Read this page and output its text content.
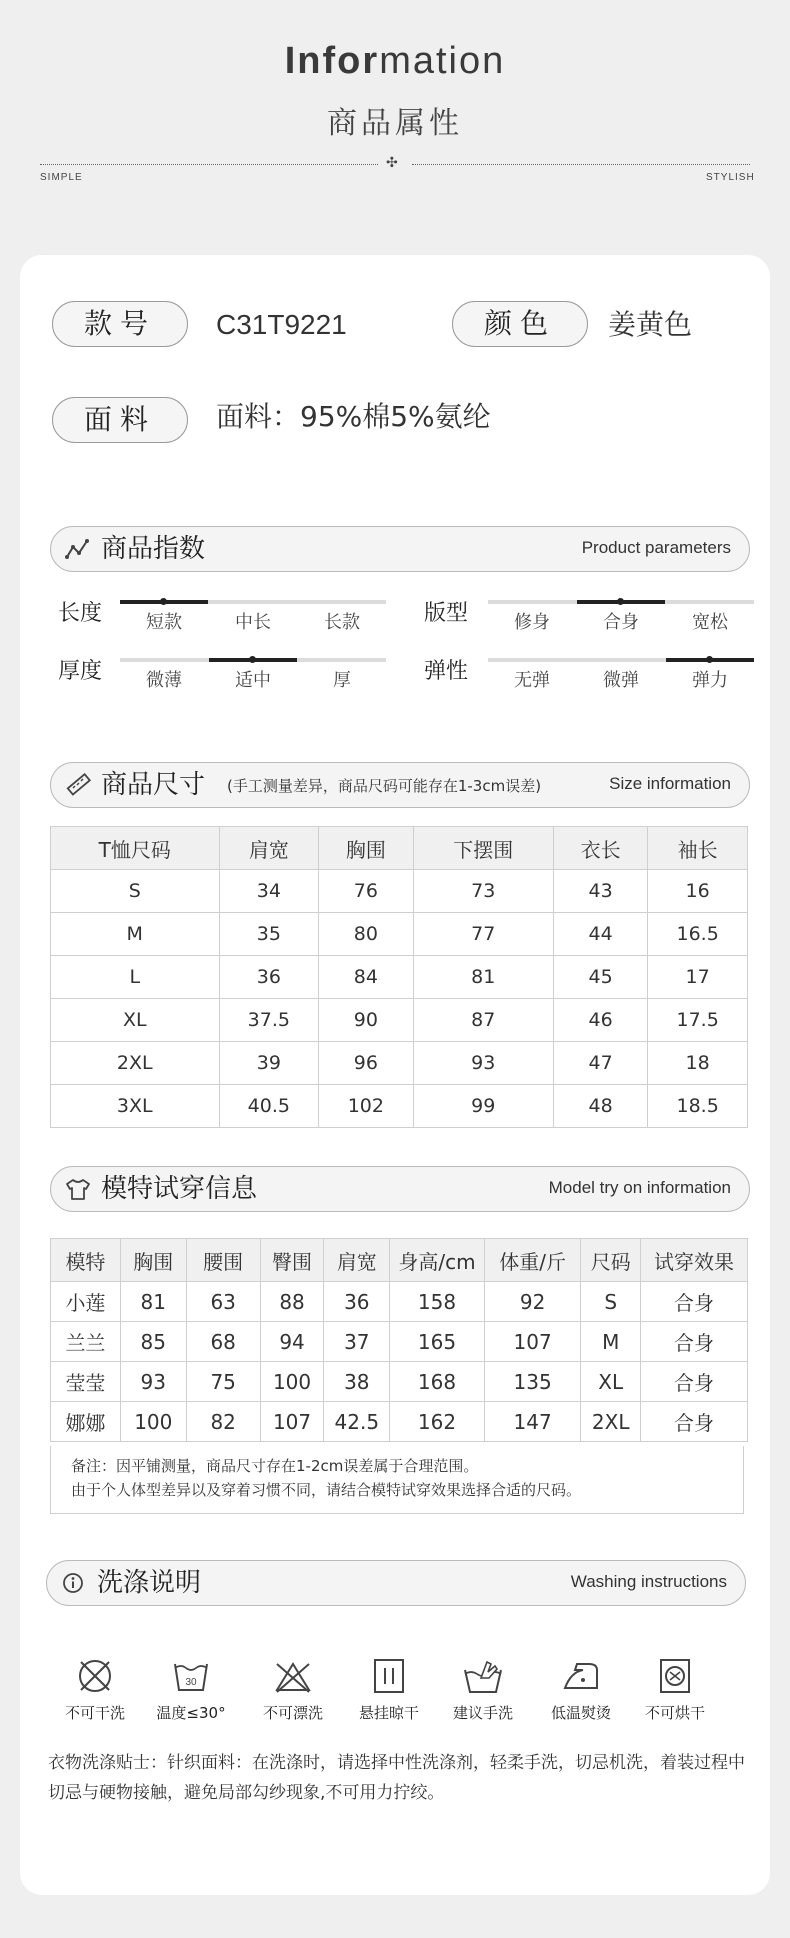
Information
商品属性
✣
SIMPLE	STYLISH
款号	C31T9221	颜色	姜黄色
面料	面料：95%棉5%氨纶
商品指数	Product parameters
长度	短款	中长	长款	版型	修身	合身	宽松
厚度	微薄	适中	厚	弹性	无弹	微弹	弹力
商品尺寸 (手工测量差异，商品尺码可能存在1-3cm误差)	Size information
T恤尺码	肩宽	胸围	下摆围	衣长	袖长
S	34	76	73	43	16
M	35	80	77	44	16.5
L	36	84	81	45	17
XL	37.5	90	87	46	17.5
2XL	39	96	93	47	18
3XL	40.5	102	99	48	18.5
模特试穿信息	Model try on information
模特	胸围	腰围	臀围	肩宽	身高/cm	体重/斤	尺码	试穿效果
小莲	81	63	88	36	158	92	S	合身
兰兰	85	68	94	37	165	107	M	合身
莹莹	93	75	100	38	168	135	XL	合身
娜娜	100	82	107	42.5	162	147	2XL	合身
备注：因平铺测量，商品尺寸存在1-2cm误差属于合理范围。
由于个人体型差异以及穿着习惯不同，请结合模特试穿效果选择合适的尺码。
洗涤说明	Washing instructions
不可干洗
30
温度≤30°	不可漂洗	悬挂晾干	建议手洗	低温熨烫	不可烘干
衣物洗涤贴士：针织面料：在洗涤时，请选择中性洗涤剂，轻柔手洗，切忌机洗，着装过程中切忌与硬物接触，避免局部勾纱现象,不可用力拧绞。
